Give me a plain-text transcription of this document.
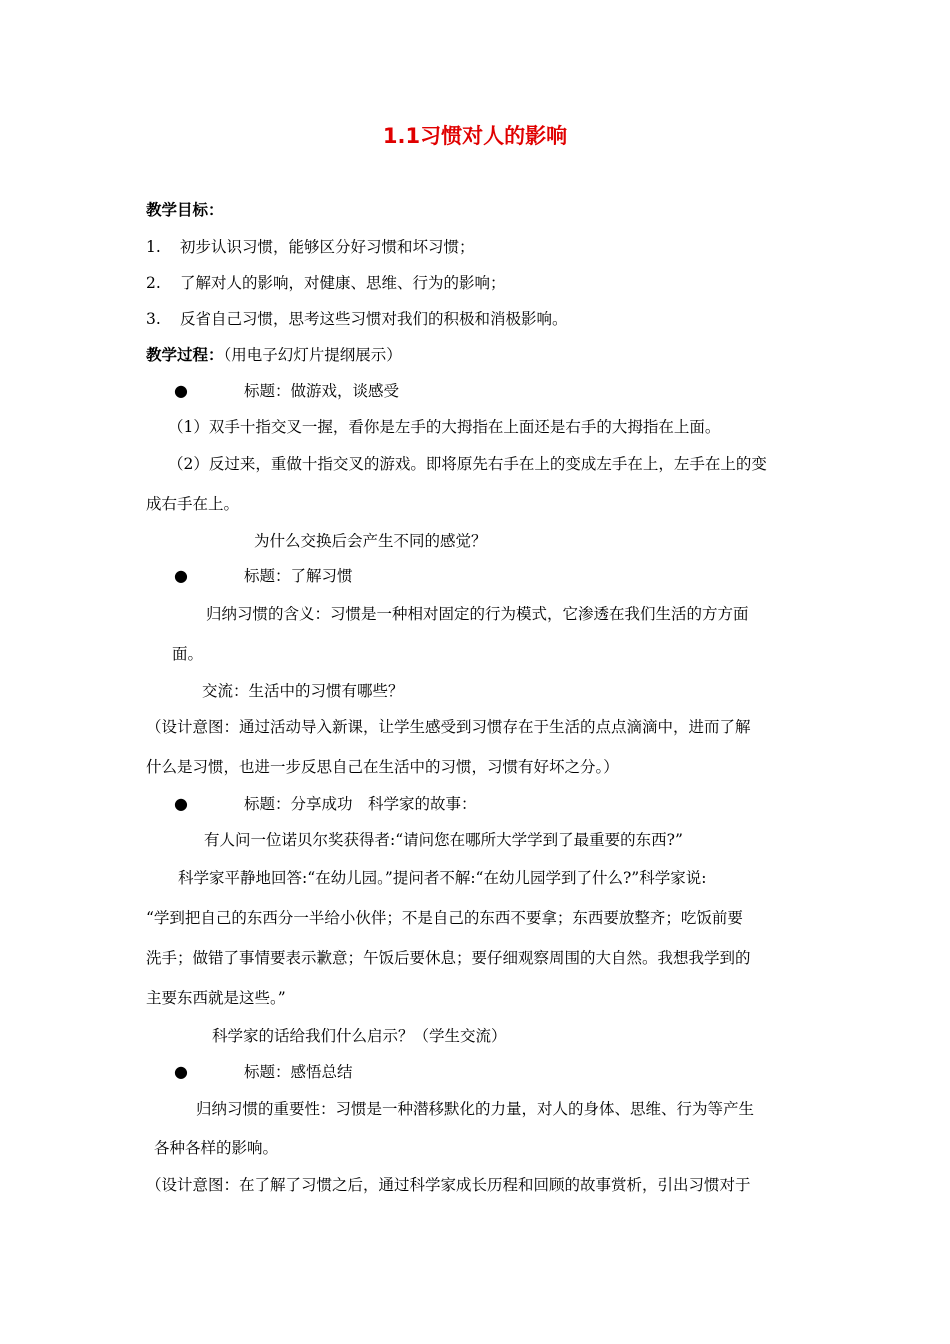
1.1习惯对人的影响
教学目标：
1. 初步认识习惯，能够区分好习惯和坏习惯；
2. 了解对人的影响，对健康、思维、行为的影响；
3. 反省自己习惯，思考这些习惯对我们的积极和消极影响。
教学过程：（用电子幻灯片提纲展示）
●	标题：做游戏，谈感受
（1）双手十指交叉一握，看你是左手的大拇指在上面还是右手的大拇指在上面。
（2）反过来，重做十指交叉的游戏。即将原先右手在上的变成左手在上，左手在上的变
成右手在上。
为什么交换后会产生不同的感觉？
●	标题：了解习惯
归纳习惯的含义：习惯是一种相对固定的行为模式，它渗透在我们生活的方方面
面。
交流：生活中的习惯有哪些？
（设计意图：通过活动导入新课，让学生感受到习惯存在于生活的点点滴滴中，进而了解
什么是习惯，也进一步反思自己在生活中的习惯，习惯有好坏之分。）
●	标题：分享成功　科学家的故事：
有人问一位诺贝尔奖获得者:“请问您在哪所大学学到了最重要的东西?”
科学家平静地回答:“在幼儿园。”提问者不解:“在幼儿园学到了什么?”科学家说:
“学到把自己的东西分一半给小伙伴；不是自己的东西不要拿；东西要放整齐；吃饭前要
洗手；做错了事情要表示歉意；午饭后要休息；要仔细观察周围的大自然。我想我学到的
主要东西就是这些。”
科学家的话给我们什么启示？（学生交流）
●	标题：感悟总结
归纳习惯的重要性：习惯是一种潜移默化的力量，对人的身体、思维、行为等产生
各种各样的影响。
（设计意图：在了解了习惯之后，通过科学家成长历程和回顾的故事赏析，引出习惯对于
